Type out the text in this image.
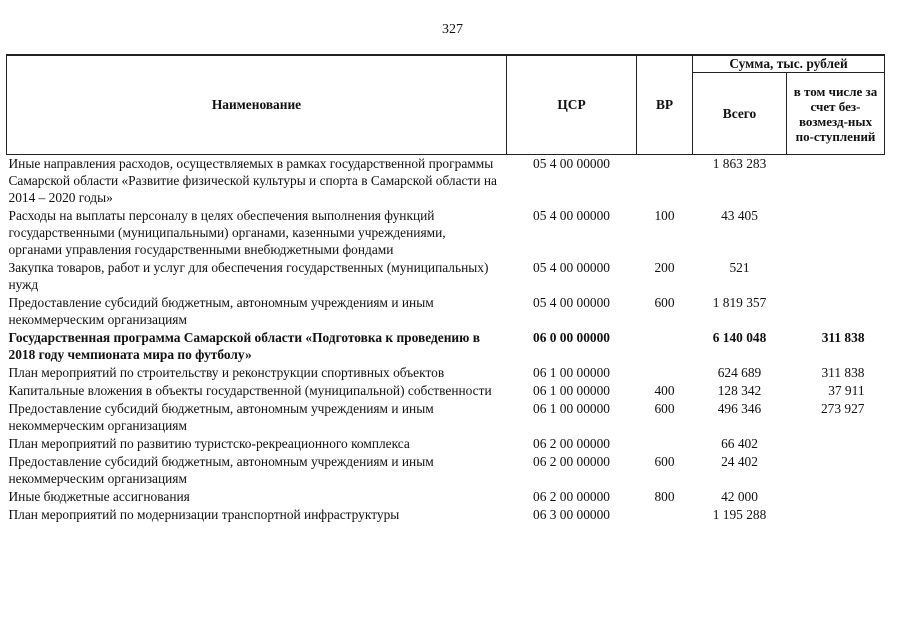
327
Наименование	ЦСР	ВР	Сумма, тыс. рублей	
			Всего	в том числе за счет без-возмезд-ных по-ступлений
Иные направления расходов, осуществляемых в рамках государственной программы Самарской области «Развитие физической культуры и спорта в Самарской области на 2014 – 2020 годы»	05 4 00 00000		1 863 283	
Расходы на выплаты персоналу в целях обеспечения выполнения функций государственными (муниципальными) органами, казенными учреждениями, органами управления государственными внебюджетными фондами	05 4 00 00000	100	43 405	
Закупка товаров, работ и услуг для обеспечения государственных (муниципальных) нужд	05 4 00 00000	200	521	
Предоставление субсидий бюджетным, автономным учреждениям и иным некоммерческим организациям	05 4 00 00000	600	1 819 357	
Государственная программа Самарской области «Подготовка к проведению в 2018 году чемпионата мира по футболу»	06 0 00 00000		6 140 048	311 838
План мероприятий по строительству и реконструкции спортивных объектов	06 1 00 00000		624 689	311 838
Капитальные вложения в объекты государственной (муниципальной) собственности	06 1 00 00000	400	128 342	37 911
Предоставление субсидий бюджетным, автономным учреждениям и иным некоммерческим организациям	06 1 00 00000	600	496 346	273 927
План мероприятий по развитию туристско-рекреационного комплекса	06 2 00 00000		66 402	
Предоставление субсидий бюджетным, автономным учреждениям и иным некоммерческим организациям	06 2 00 00000	600	24 402	
Иные бюджетные ассигнования	06 2 00 00000	800	42 000	
План мероприятий по модернизации транспортной инфраструктуры	06 3 00 00000		1 195 288	
